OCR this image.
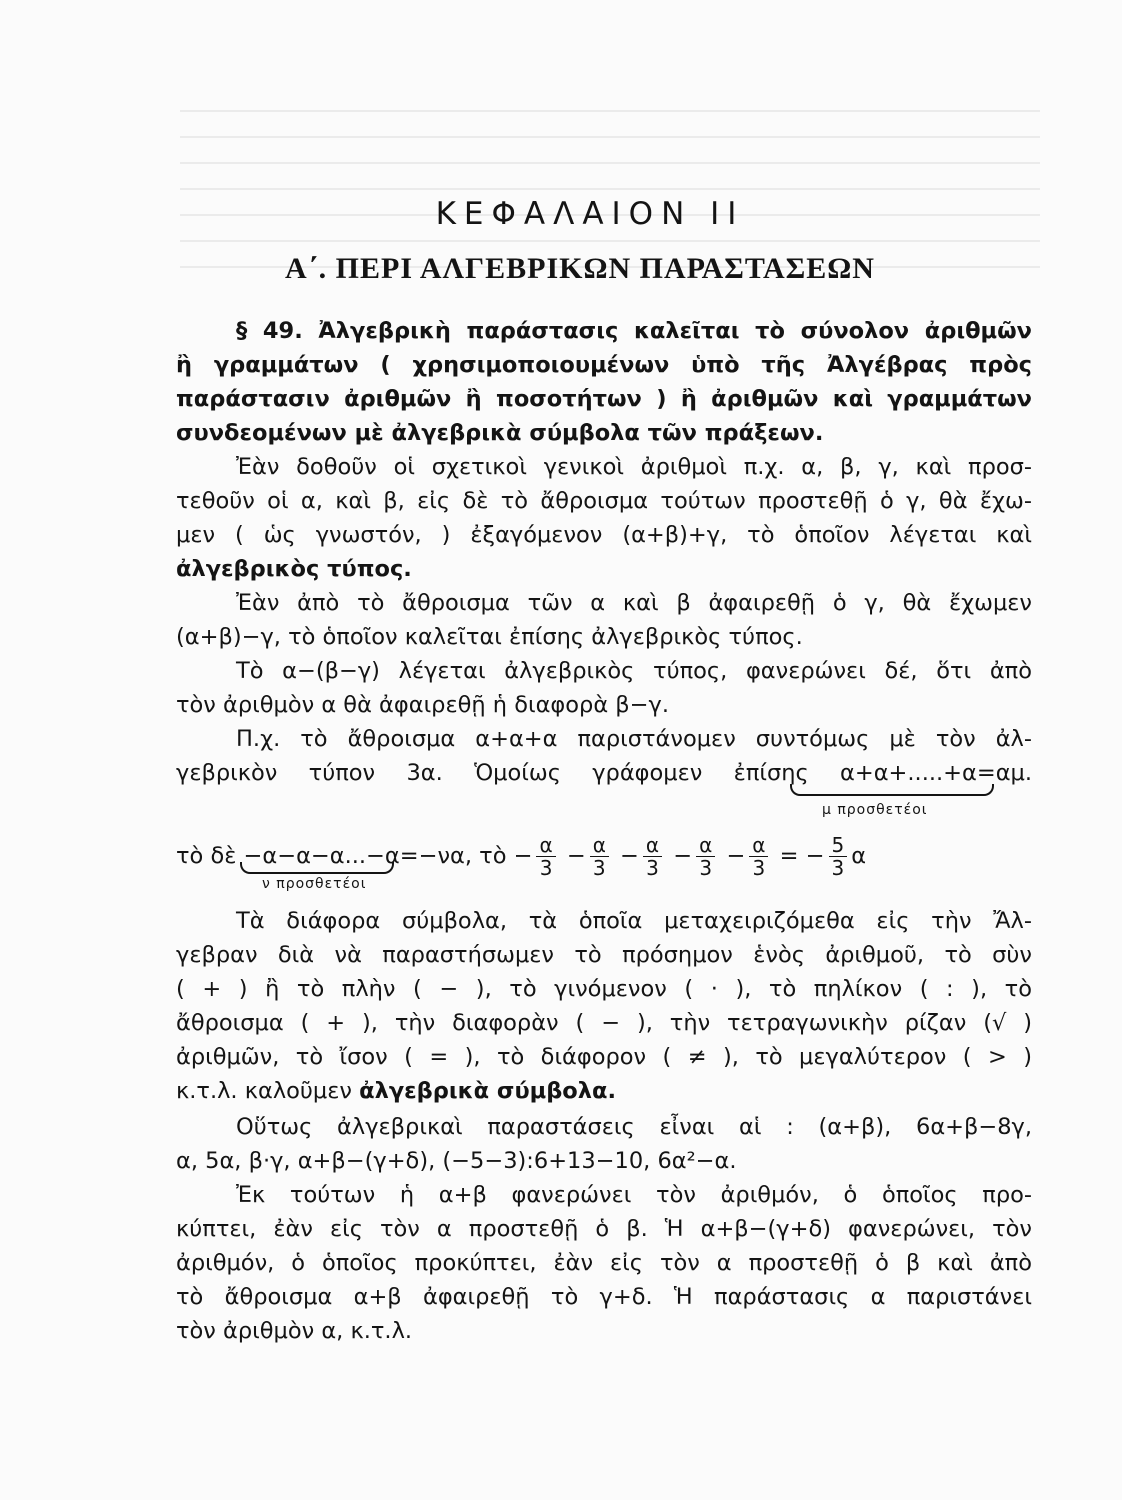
ΚΕΦΑΛΑΙΟΝ ΙΙ
Α΄. ΠΕΡΙ ΑΛΓΕΒΡΙΚΩΝ ΠΑΡΑΣΤΑΣΕΩΝ
§ 49. Ἀλγεβρικὴ παράστασις καλεῖται τὸ σύνολον ἀριθμῶν
ἢ γραμμάτων ( χρησιμοποιουμένων ὑπὸ τῆς Ἀλγέβρας πρὸς
παράστασιν ἀριθμῶν ἢ ποσοτήτων ) ἢ ἀριθμῶν καὶ γραμμάτων
συνδεομένων μὲ ἀλγεβρικὰ σύμβολα τῶν πράξεων.
Ἐὰν δοθοῦν οἱ σχετικοὶ γενικοὶ ἀριθμοὶ π.χ. α, β, γ, καὶ προσ-
τεθοῦν οἱ α, καὶ β, εἰς δὲ τὸ ἄθροισμα τούτων προστεθῇ ὁ γ, θὰ ἔχω-
μεν ( ὡς γνωστόν, ) ἐξαγόμενον (α+β)+γ, τὸ ὁποῖον λέγεται καὶ
ἀλγεβρικὸς τύπος.
Ἐὰν ἀπὸ τὸ ἄθροισμα τῶν α καὶ β ἀφαιρεθῇ ὁ γ, θὰ ἔχωμεν
(α+β)−γ, τὸ ὁποῖον καλεῖται ἐπίσης ἀλγεβρικὸς τύπος.
Τὸ α−(β−γ) λέγεται ἀλγεβρικὸς τύπος, φανερώνει δέ, ὅτι ἀπὸ
τὸν ἀριθμὸν α θὰ ἀφαιρεθῇ ἡ διαφορὰ β−γ.
Π.χ. τὸ ἄθροισμα α+α+α παριστάνομεν συντόμως μὲ τὸν ἀλ-
γεβρικὸν τύπον 3α. Ὁμοίως γράφομεν ἐπίσης α+α+.....+α=αμ.
μ προσθετέοι
τὸ δὲ −α−α−α...−α=−να, τὸ − $\frac{\alpha}{3} - \frac{\alpha}{3} - \frac{\alpha}{3} - \frac{\alpha}{3} - \frac{\alpha}{3}$ = − $\frac{5}{3}$ α
ν προσθετέοι
Τὰ διάφορα σύμβολα, τὰ ὁποῖα μεταχειριζόμεθα εἰς τὴν Ἄλ-
γεβραν διὰ νὰ παραστήσωμεν τὸ πρόσημον ἑνὸς ἀριθμοῦ, τὸ σὺν
( + ) ἢ τὸ πλὴν ( − ), τὸ γινόμενον ( · ), τὸ πηλίκον ( : ), τὸ
ἄθροισμα ( + ), τὴν διαφορὰν ( − ), τὴν τετραγωνικὴν ρίζαν (√ )
ἀριθμῶν, τὸ ἴσον ( = ), τὸ διάφορον ( ≠ ), τὸ μεγαλύτερον ( > )
κ.τ.λ. καλοῦμεν ἀλγεβρικὰ σύμβολα.
Οὕτως ἀλγεβρικαὶ παραστάσεις εἶναι αἱ : (α+β), 6α+β−8γ,
α, 5α, β·γ, α+β−(γ+δ), (−5−3):6+13−10, 6α²−α.
Ἐκ τούτων ἡ α+β φανερώνει τὸν ἀριθμόν, ὁ ὁποῖος προ-
κύπτει, ἐὰν εἰς τὸν α προστεθῇ ὁ β. Ἡ α+β−(γ+δ) φανερώνει, τὸν
ἀριθμόν, ὁ ὁποῖος προκύπτει, ἐὰν εἰς τὸν α προστεθῇ ὁ β καὶ ἀπὸ
τὸ ἄθροισμα α+β ἀφαιρεθῇ τὸ γ+δ. Ἡ παράστασις α παριστάνει
τὸν ἀριθμὸν α, κ.τ.λ.
